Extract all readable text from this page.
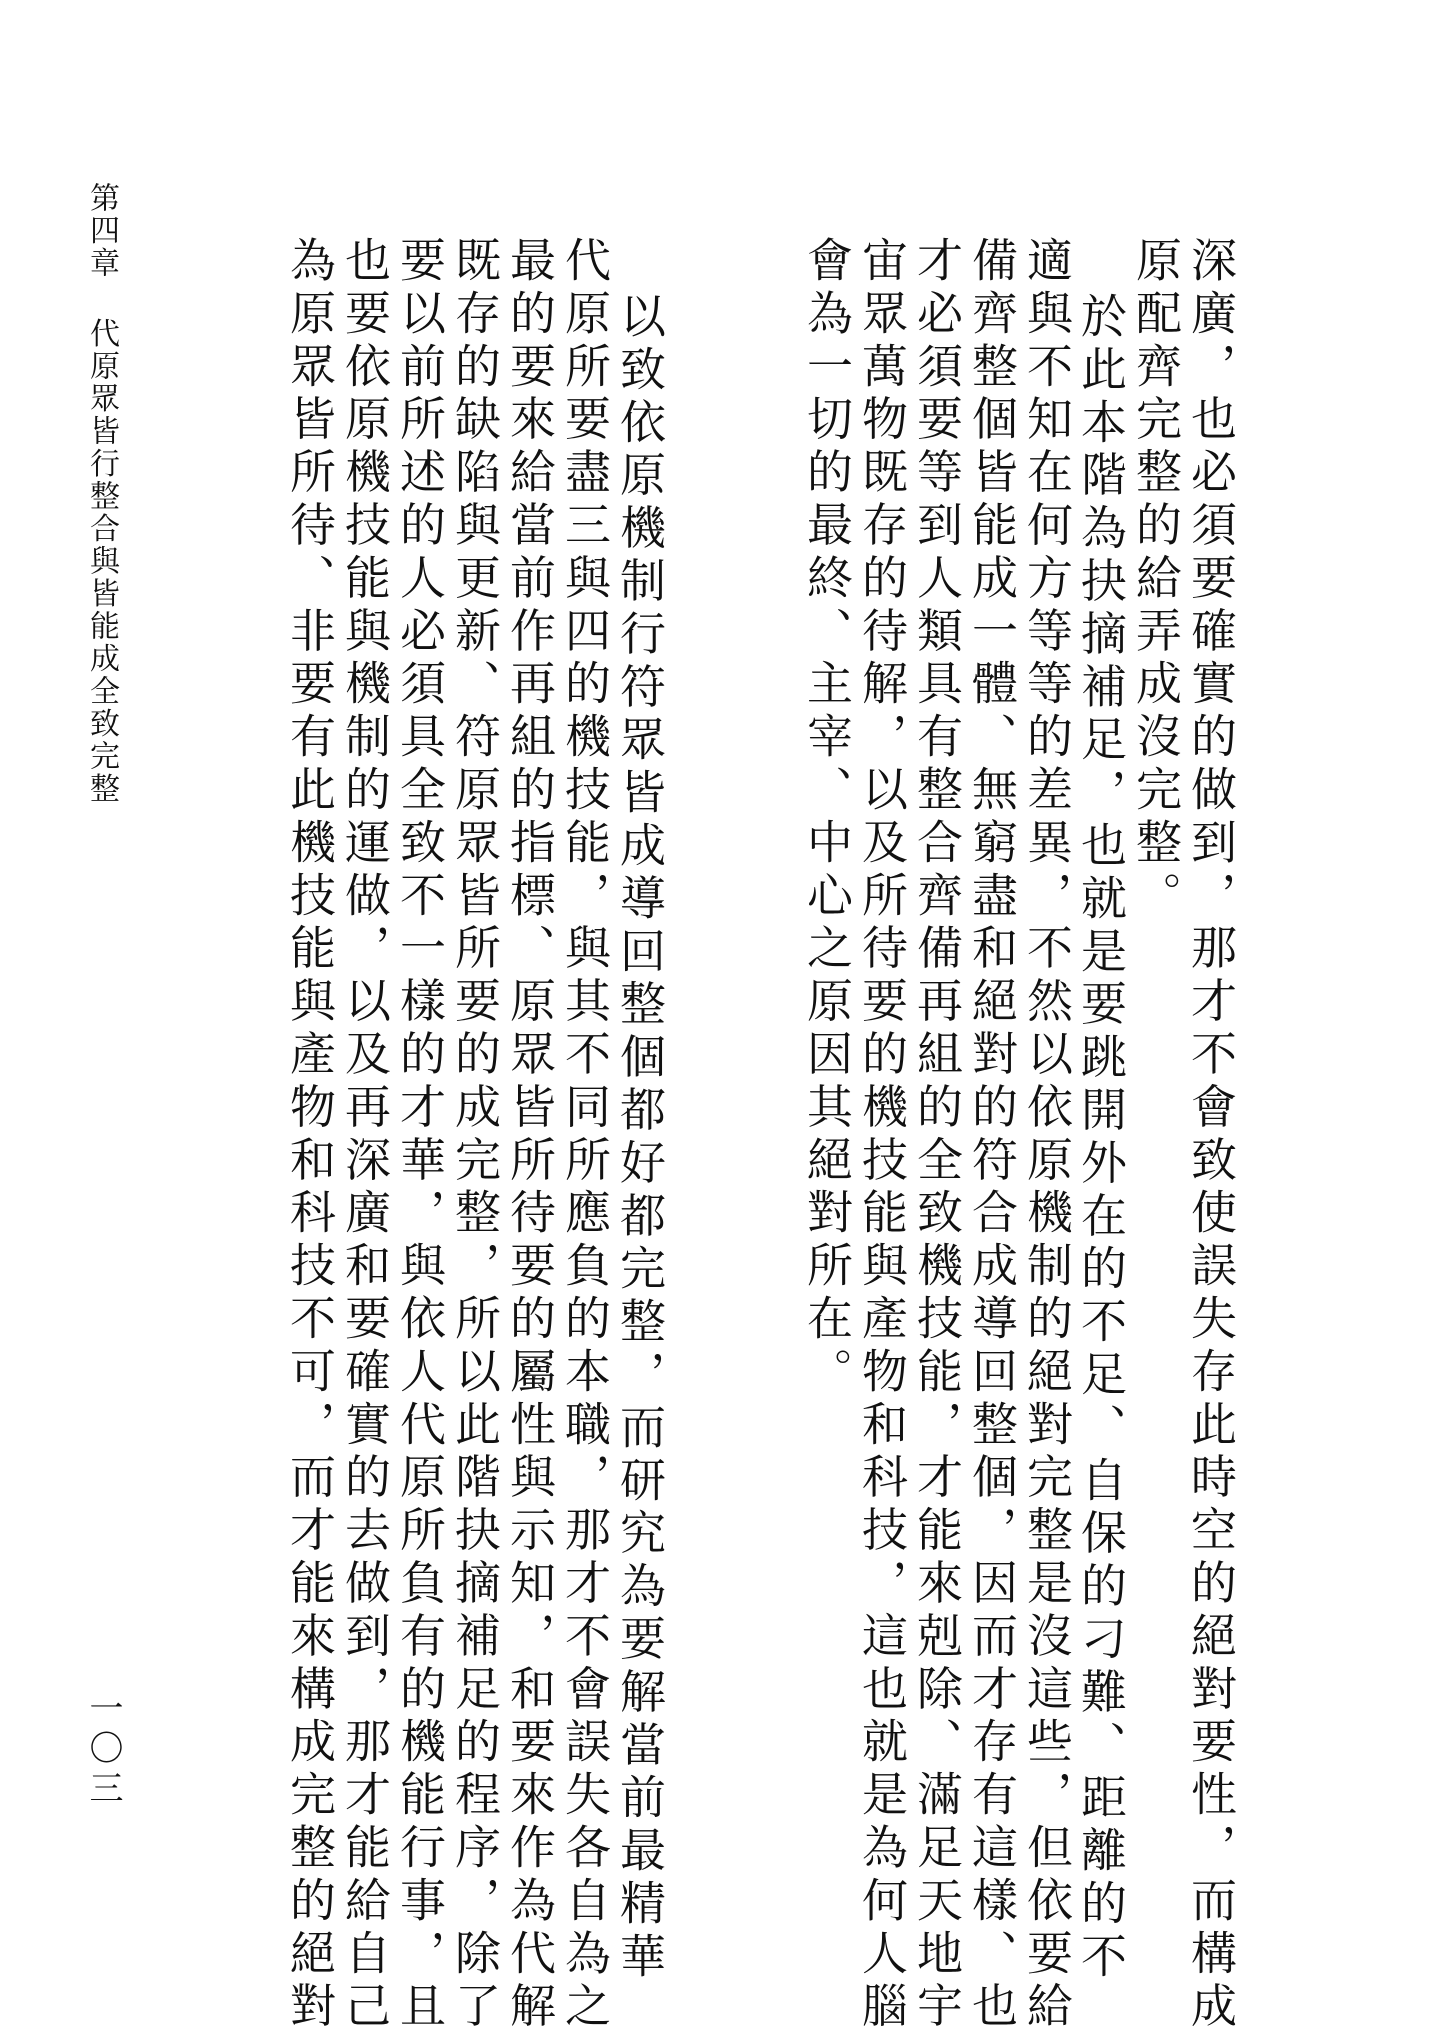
第四章代原眾皆行整合與皆能成全致完整
一〇三	深廣，也必須要確實的做到，那才不會致使誤失存此時空的絕對要性，而構成
原配齊完整的給弄成沒完整。
於此本階為抉摘補足，也就是要跳開外在的不足、自保的刁難、距離的不
適與不知在何方等等的差異，不然以依原機制的絕對完整是沒這些，但依要給
備齊整個皆能成一體、無窮盡和絕對的符合成導回整個，因而才存有這樣、也
才必須要等到人類具有整合齊備再組的全致機技能，才能來剋除、滿足天地宇
宙眾萬物既存的待解，以及所待要的機技能與產物和科技，這也就是為何人腦
會為一切的最終、主宰、中心之原因其絕對所在。
以致依原機制行符眾皆成導回整個都好都完整，而研究為要解當前最精華
代原所要盡三與四的機技能，與其不同所應負的本職，那才不會誤失各自為之
最的要來給當前作再組的指標、原眾皆所待要的屬性與示知，和要來作為代解
既存的缺陷與更新、符原眾皆所要的成完整，所以此階抉摘補足的程序，除了
要以前所述的人必須具全致不一樣的才華，與依人代原所負有的機能行事，且
也要依原機技能與機制的運做，以及再深廣和要確實的去做到，那才能給自己
為原眾皆所待、非要有此機技能與產物和科技不可，而才能來構成完整的絕對
